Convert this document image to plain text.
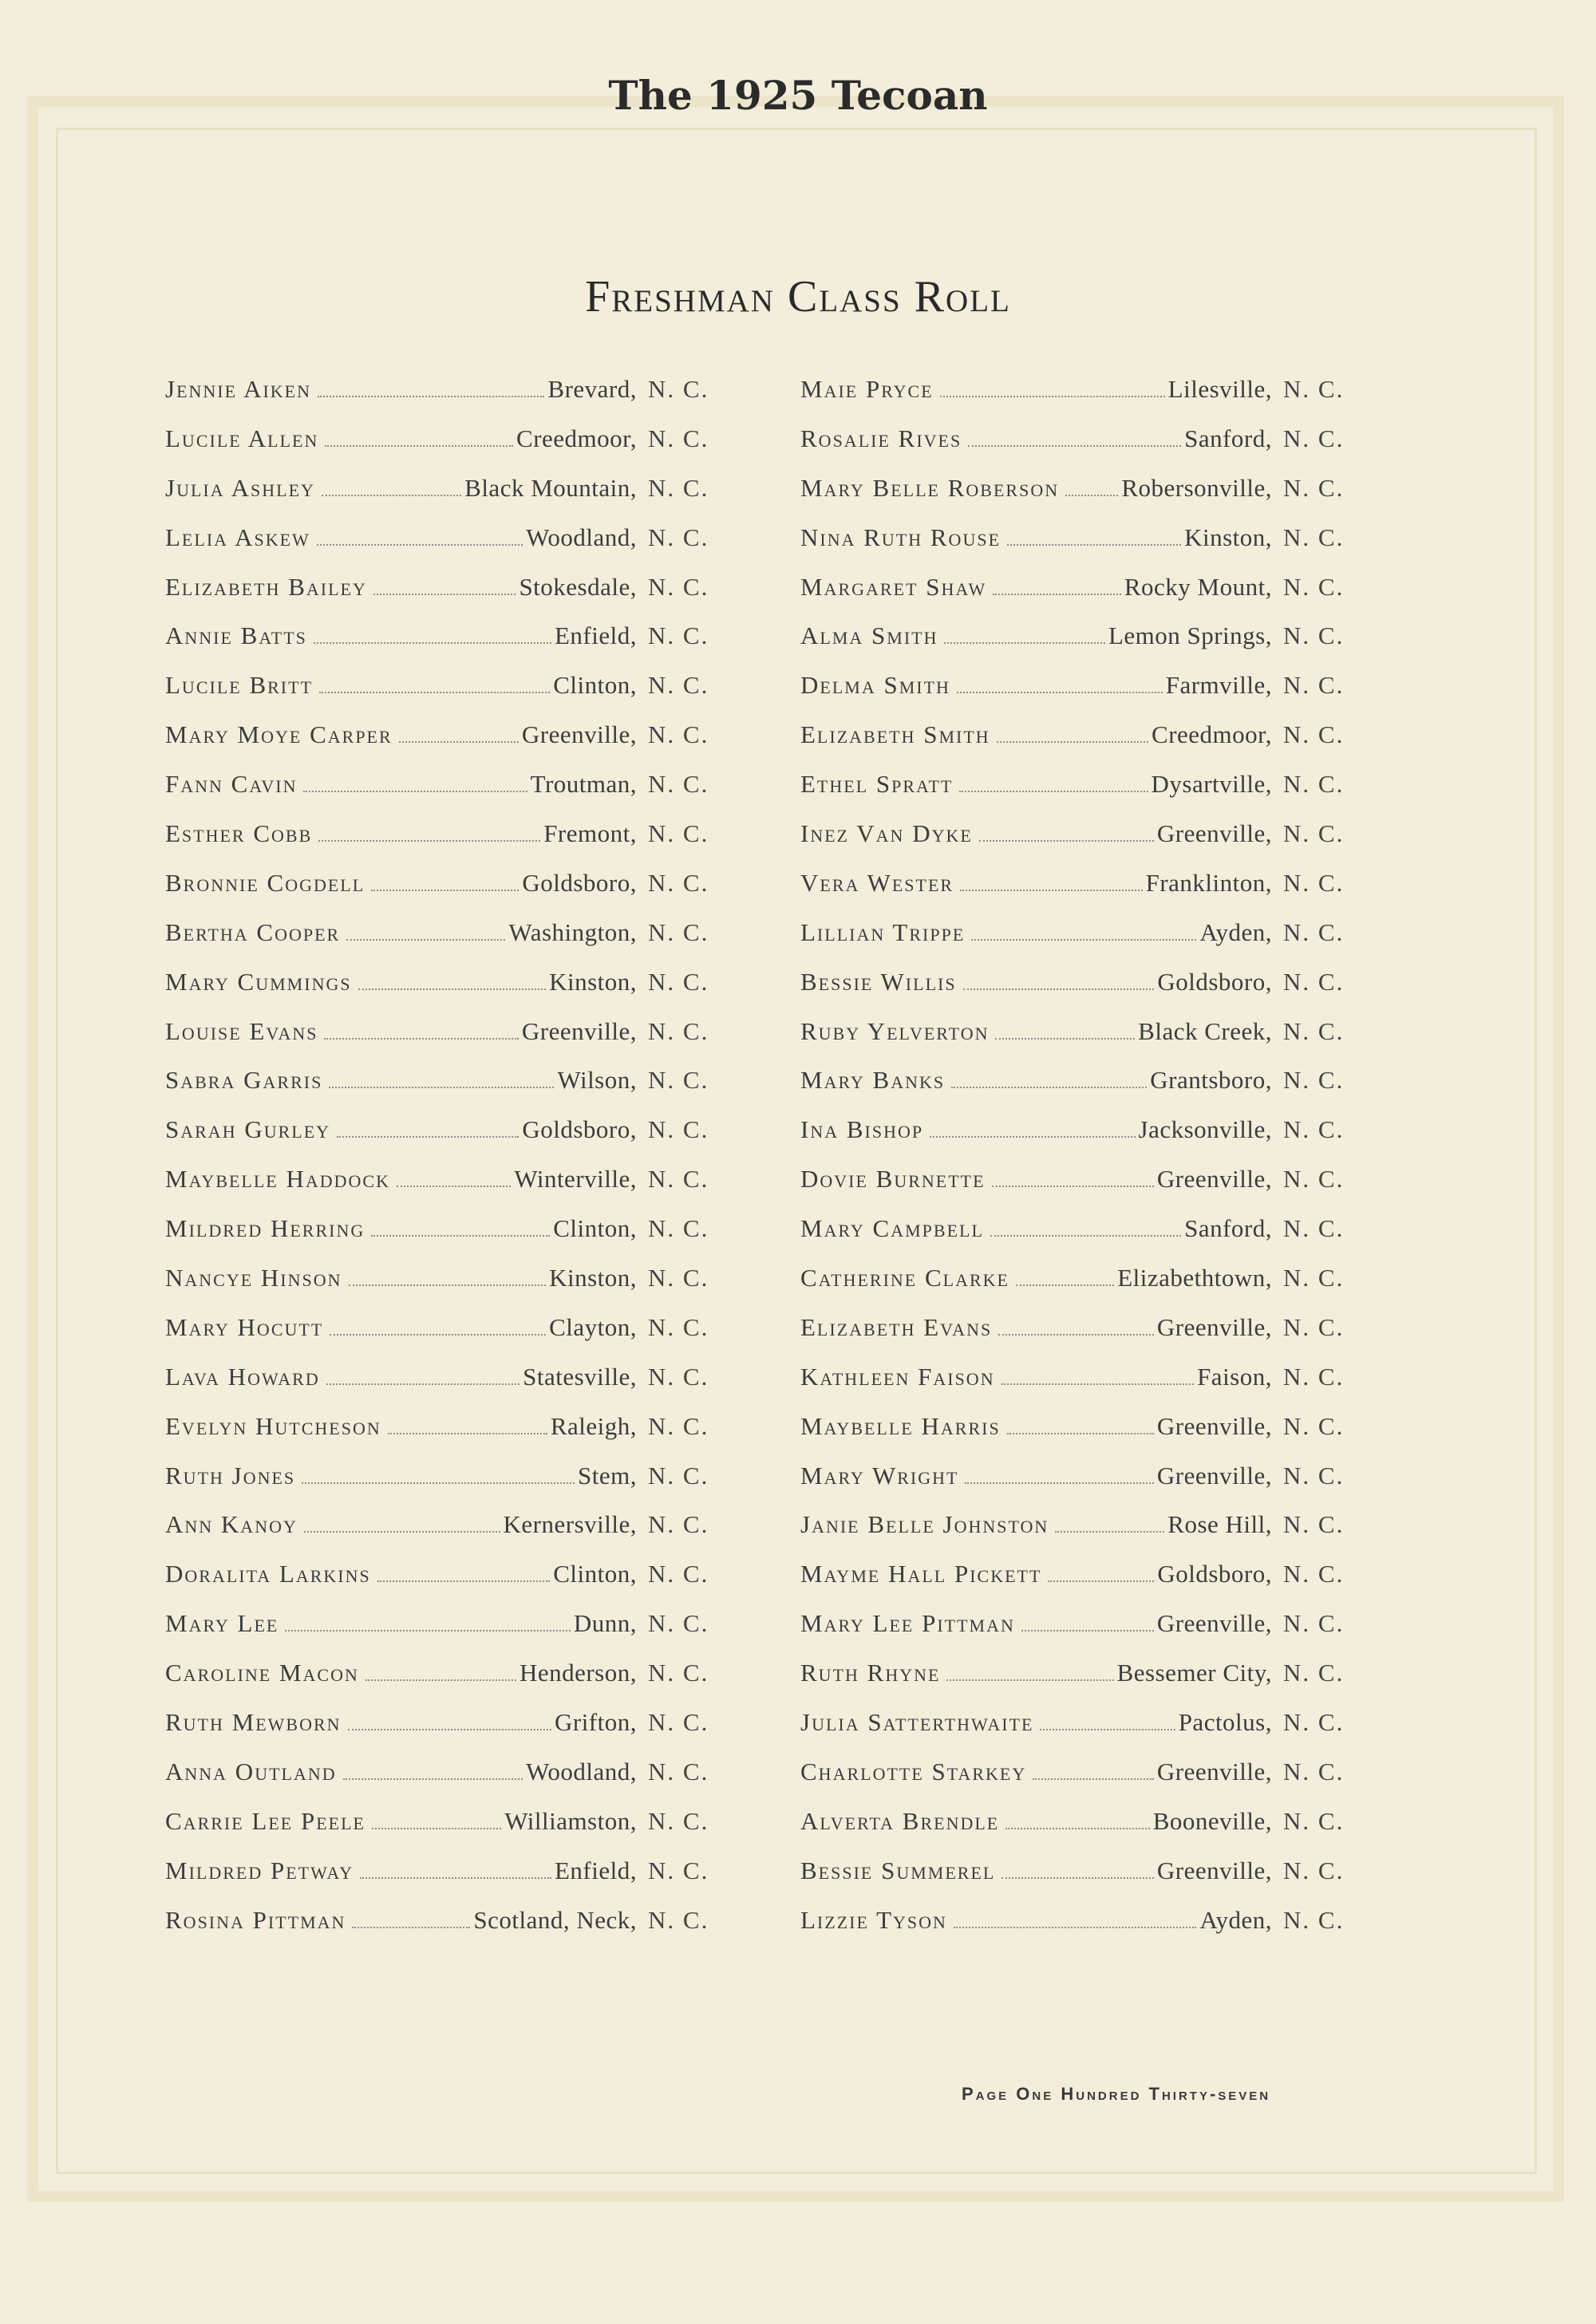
The 1925 Tecoan
Freshman Class Roll
Jennie Aiken	Brevard, N. C.
Lucile Allen	Creedmoor, N. C.
Julia Ashley	Black Mountain, N. C.
Lelia Askew	Woodland, N. C.
Elizabeth Bailey	Stokesdale, N. C.
Annie Batts	Enfield, N. C.
Lucile Britt	Clinton, N. C.
Mary Moye Carper	Greenville, N. C.
Fann Cavin	Troutman, N. C.
Esther Cobb	Fremont, N. C.
Bronnie Cogdell	Goldsboro, N. C.
Bertha Cooper	Washington, N. C.
Mary Cummings	Kinston, N. C.
Louise Evans	Greenville, N. C.
Sabra Garris	Wilson, N. C.
Sarah Gurley	Goldsboro, N. C.
Maybelle Haddock	Winterville, N. C.
Mildred Herring	Clinton, N. C.
Nancye Hinson	Kinston, N. C.
Mary Hocutt	Clayton, N. C.
Lava Howard	Statesville, N. C.
Evelyn Hutcheson	Raleigh, N. C.
Ruth Jones	Stem, N. C.
Ann Kanoy	Kernersville, N. C.
Doralita Larkins	Clinton, N. C.
Mary Lee	Dunn, N. C.
Caroline Macon	Henderson, N. C.
Ruth Mewborn	Grifton, N. C.
Anna Outland	Woodland, N. C.
Carrie Lee Peele	Williamston, N. C.
Mildred Petway	Enfield, N. C.
Rosina Pittman	Scotland, Neck, N. C.
Maie Pryce	Lilesville, N. C.
Rosalie Rives	Sanford, N. C.
Mary Belle Roberson	Robersonville, N. C.
Nina Ruth Rouse	Kinston, N. C.
Margaret Shaw	Rocky Mount, N. C.
Alma Smith	Lemon Springs, N. C.
Delma Smith	Farmville, N. C.
Elizabeth Smith	Creedmoor, N. C.
Ethel Spratt	Dysartville, N. C.
Inez Van Dyke	Greenville, N. C.
Vera Wester	Franklinton, N. C.
Lillian Trippe	Ayden, N. C.
Bessie Willis	Goldsboro, N. C.
Ruby Yelverton	Black Creek, N. C.
Mary Banks	Grantsboro, N. C.
Ina Bishop	Jacksonville, N. C.
Dovie Burnette	Greenville, N. C.
Mary Campbell	Sanford, N. C.
Catherine Clarke	Elizabethtown, N. C.
Elizabeth Evans	Greenville, N. C.
Kathleen Faison	Faison, N. C.
Maybelle Harris	Greenville, N. C.
Mary Wright	Greenville, N. C.
Janie Belle Johnston	Rose Hill, N. C.
Mayme Hall Pickett	Goldsboro, N. C.
Mary Lee Pittman	Greenville, N. C.
Ruth Rhyne	Bessemer City, N. C.
Julia Satterthwaite	Pactolus, N. C.
Charlotte Starkey	Greenville, N. C.
Alverta Brendle	Booneville, N. C.
Bessie Summerel	Greenville, N. C.
Lizzie Tyson	Ayden, N. C.
Page One Hundred Thirty-seven
